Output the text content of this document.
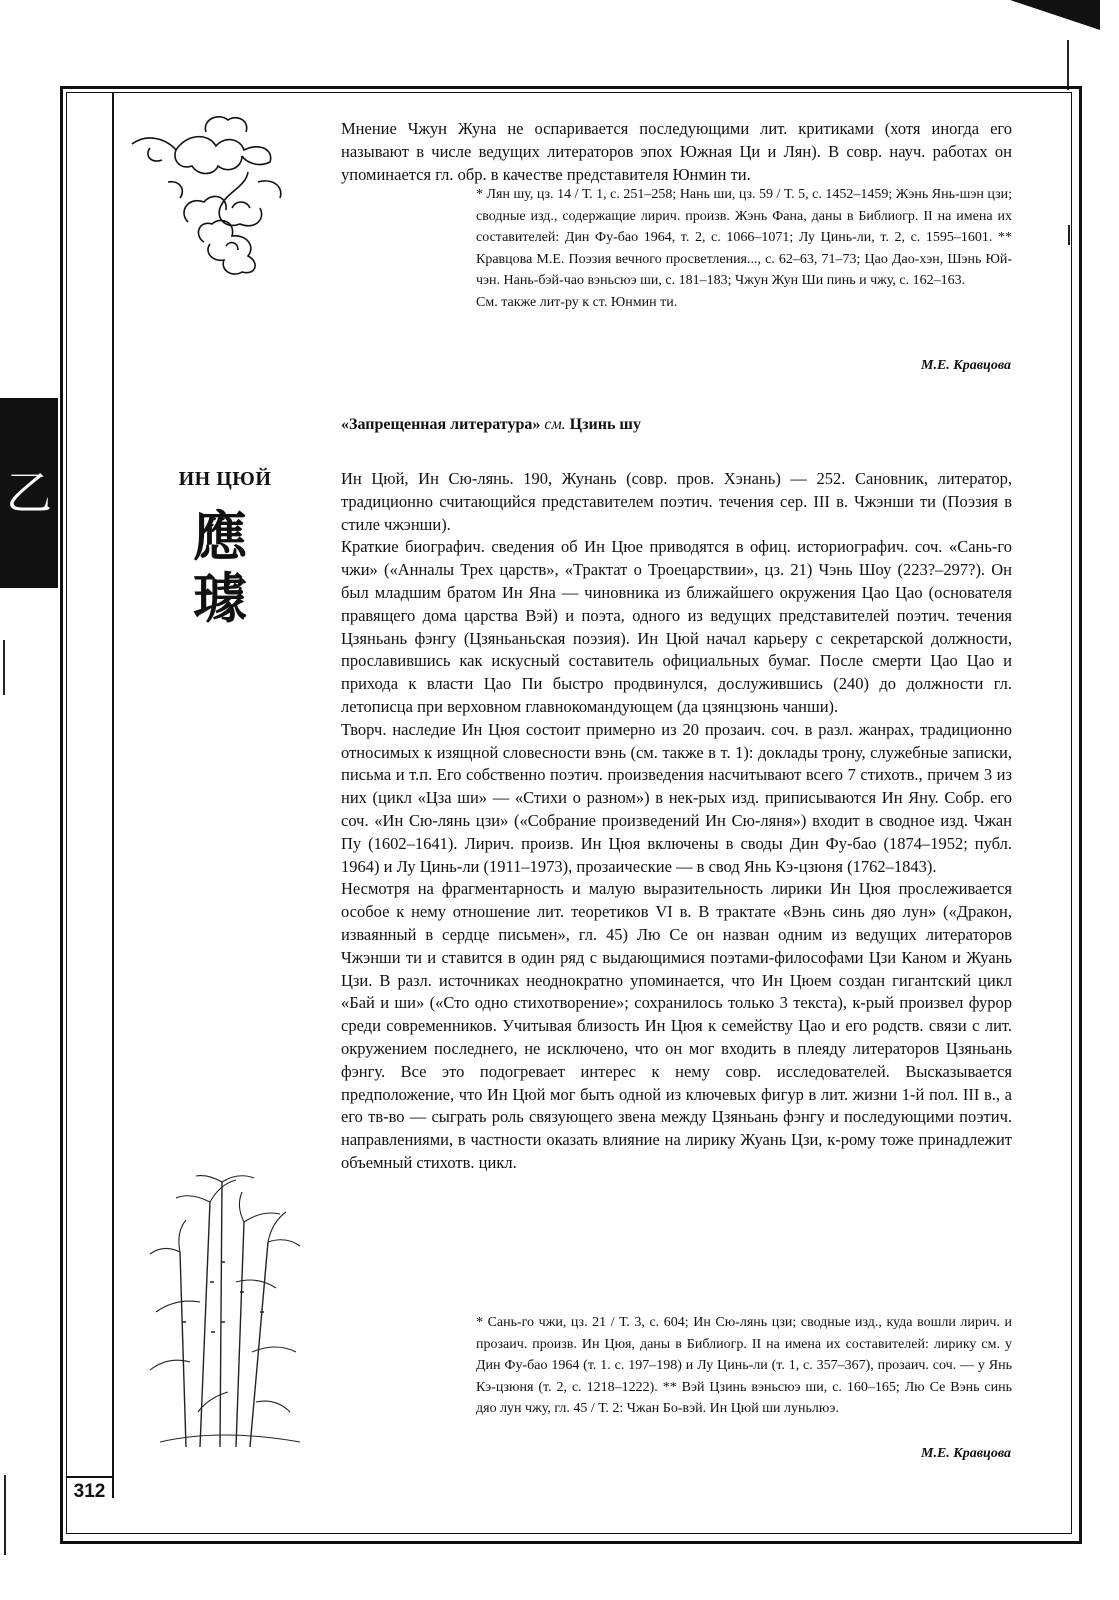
乙
312

Мнение Чжун Жуна не оспаривается последующими лит. критиками (хотя иногда его называют в числе ведущих литераторов эпох Южная Ци и Лян). В совр. науч. работах он упоминается гл. обр. в качестве представителя Юнмин ти.

* Лян шу, цз. 14 / Т. 1, с. 251–258; Нань ши, цз. 59 / Т. 5, с. 1452–1459; Жэнь Янь-шэн цзи; сводные изд., содержащие лирич. произв. Жэнь Фана, даны в Библиогр. II на имена их составителей: Дин Фу-бао 1964, т. 2, с. 1066–1071; Лу Цинь-ли, т. 2, с. 1595–1601. ** Кравцова М.Е. Поэзия вечного просветления..., с. 62–63, 71–73; Цао Дао-хэн, Шэнь Юй-чэн. Нань-бэй-чао вэньсюэ ши, с. 181–183; Чжун Жун Ши пинь и чжу, с. 162–163.
См. также лит-ру к ст. Юнмин ти.
М.Е. Кравцова
«Запрещенная литература» см. Цзинь шу
ИН ЦЮЙ
應璩

Ин Цюй, Ин Сю-лянь. 190, Жунань (совр. пров. Хэнань) — 252. Сановник, литератор, традиционно считающийся представителем поэтич. течения сер. III в. Чжэнши ти (Поэзия в стиле чжэнши).

Краткие биографич. сведения об Ин Цюе приводятся в офиц. историографич. соч. «Сань-го чжи» («Анналы Трех царств», «Трактат о Троецарствии», цз. 21) Чэнь Шоу (223?–297?). Он был младшим братом Ин Яна — чиновника из ближайшего окружения Цао Цао (основателя правящего дома царства Вэй) и поэта, одного из ведущих представителей поэтич. течения Цзяньань фэнгу (Цзяньаньская поэзия). Ин Цюй начал карьеру с секретарской должности, прославившись как искусный составитель официальных бумаг. После смерти Цао Цао и прихода к власти Цао Пи быстро продвинулся, дослужившись (240) до должности гл. летописца при верховном главнокомандующем (да цзянцзюнь чанши).

Творч. наследие Ин Цюя состоит примерно из 20 прозаич. соч. в разл. жанрах, традиционно относимых к изящной словесности вэнь (см. также в т. 1): доклады трону, служебные записки, письма и т.п. Его собственно поэтич. произведения насчитывают всего 7 стихотв., причем 3 из них (цикл «Цза ши» — «Стихи о разном») в нек-рых изд. приписываются Ин Яну. Собр. его соч. «Ин Сю-лянь цзи» («Собрание произведений Ин Сю-ляня») входит в сводное изд. Чжан Пу (1602–1641). Лирич. произв. Ин Цюя включены в своды Дин Фу-бао (1874–1952; публ. 1964) и Лу Цинь-ли (1911–1973), прозаические — в свод Янь Кэ-цзюня (1762–1843).

Несмотря на фрагментарность и малую выразительность лирики Ин Цюя прослеживается особое к нему отношение лит. теоретиков VI в. В трактате «Вэнь синь дяо лун» («Дракон, изваянный в сердце письмен», гл. 45) Лю Се он назван одним из ведущих литераторов Чжэнши ти и ставится в один ряд с выдающимися поэтами-философами Цзи Каном и Жуань Цзи. В разл. источниках неоднократно упоминается, что Ин Цюем создан гигантский цикл «Бай и ши» («Сто одно стихотворение»; сохранилось только 3 текста), к-рый произвел фурор среди современников. Учитывая близость Ин Цюя к семейству Цао и его родств. связи с лит. окружением последнего, не исключено, что он мог входить в плеяду литераторов Цзяньань фэнгу. Все это подогревает интерес к нему совр. исследователей. Высказывается предположение, что Ин Цюй мог быть одной из ключевых фигур в лит. жизни 1-й пол. III в., а его тв-во — сыграть роль связующего звена между Цзяньань фэнгу и последующими поэтич. направлениями, в частности оказать влияние на лирику Жуань Цзи, к-рому тоже принадлежит объемный стихотв. цикл.

* Сань-го чжи, цз. 21 / Т. 3, с. 604; Ин Сю-лянь цзи; сводные изд., куда вошли лирич. и прозаич. произв. Ин Цюя, даны в Библиогр. II на имена их составителей: лирику см. у Дин Фу-бао 1964 (т. 1. с. 197–198) и Лу Цинь-ли (т. 1, с. 357–367), прозаич. соч. — у Янь Кэ-цзюня (т. 2, с. 1218–1222). ** Вэй Цзинь вэньсюэ ши, с. 160–165; Лю Се Вэнь синь дяо лун чжу, гл. 45 / Т. 2: Чжан Бо-вэй. Ин Цюй ши луньлюэ.
М.Е. Кравцова
